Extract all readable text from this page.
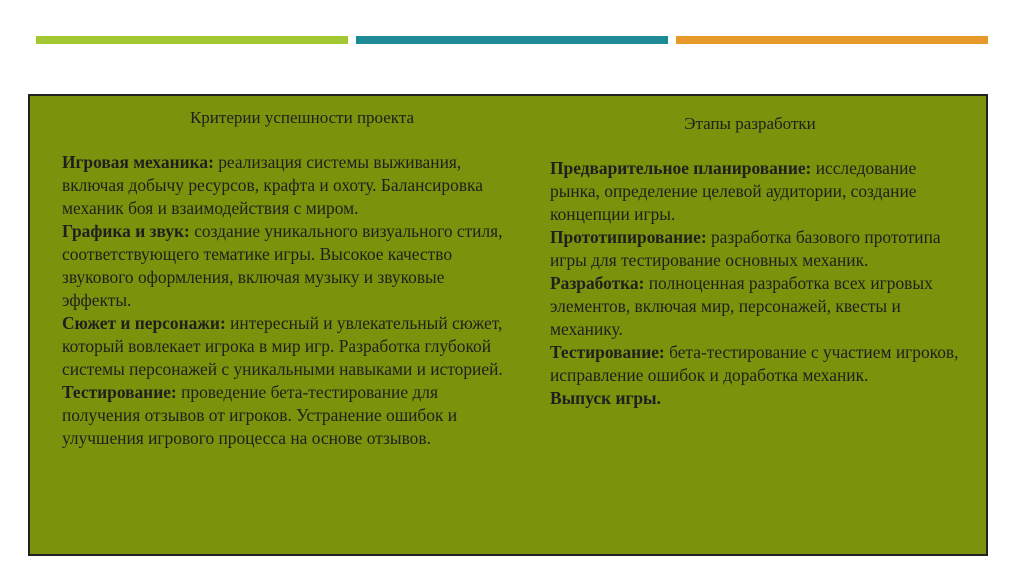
Критерии успешности проекта

Игровая механика: реализация системы выживания, включая добычу ресурсов, крафта и охоту. Балансировка механик боя и взаимодействия с миром.

Графика и звук: создание уникального визуального стиля, соответствующего тематике игры. Высокое качество звукового оформления, включая музыку и звуковые эффекты.

Сюжет и персонажи: интересный и увлекательный сюжет, который вовлекает игрока в мир игр. Разработка глубокой системы персонажей с уникальными навыками и историей.

Тестирование: проведение бета-тестирование для получения отзывов от игроков. Устранение ошибок и улучшения игрового процесса на основе отзывов.

Этапы разработки

Предварительное планирование: исследование рынка, определение целевой аудитории, создание концепции игры.

Прототипирование: разработка базового прототипа игры для тестирование основных механик.

Разработка: полноценная разработка всех игровых элементов, включая мир, персонажей, квесты и механику.

Тестирование: бета-тестирование с участием игроков, исправление ошибок и доработка механик.

Выпуск игры.
